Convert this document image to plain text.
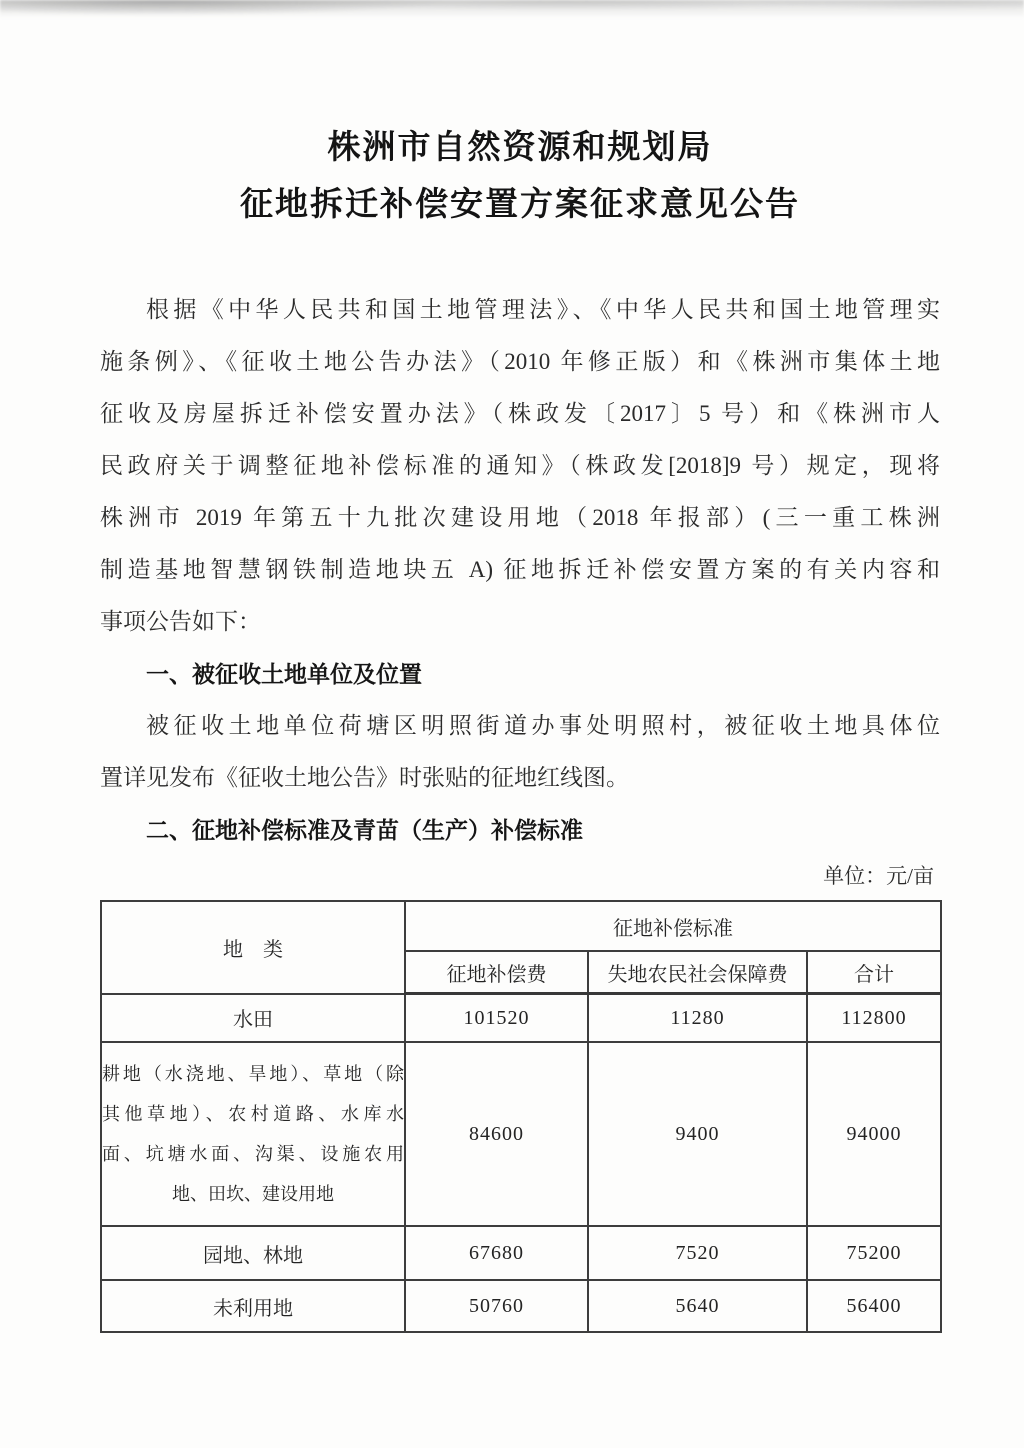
株洲市自然资源和规划局
征地拆迁补偿安置方案征求意见公告
根据《中华人民共和国土地管理法》、《中华人民共和国土地管理实
施条例》、《征收土地公告办法》（2010 年修正版）和《株洲市集体土地
征收及房屋拆迁补偿安置办法》（株政发〔2017〕5 号）和《株洲市人
民政府关于调整征地补偿标准的通知》（株政发[2018]9 号）规定，现将
株洲市 2019 年第五十九批次建设用地（2018 年报部）(三一重工株洲
制造基地智慧钢铁制造地块五 A) 征地拆迁补偿安置方案的有关内容和
事项公告如下：
一、被征收土地单位及位置
被征收土地单位荷塘区明照街道办事处明照村，被征收土地具体位
置详见发布《征收土地公告》时张贴的征地红线图。
二、征地补偿标准及青苗（生产）补偿标准
单位：元/亩
地　类	征地补偿标准		
	征地补偿费	失地农民社会保障费	合计
水田	101520	11280	112800

耕地（水浇地、旱地）、草地（除
其他草地）、农村道路、水库水
面、坑塘水面、沟渠、设施农用
地、田坎、建设用地	84600	9400	94000
园地、林地	67680	7520	75200
未利用地	50760	5640	56400
